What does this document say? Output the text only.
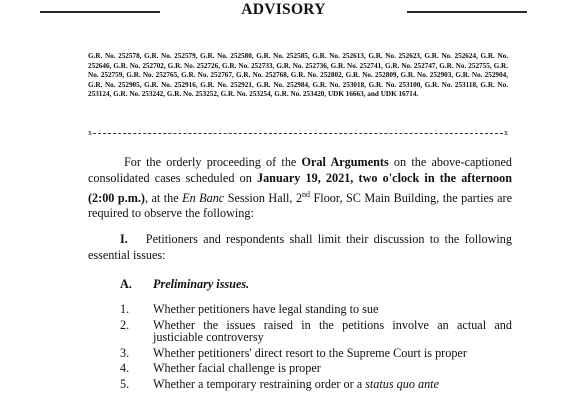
ADVISORY
G.R. No. 252578, G.R. No. 252579, G.R. No. 252580, G.R. No. 252585, G.R. No. 252613, G.R. No. 252623, G.R. No. 252624, G.R. No. 252646, G.R. No. 252702, G.R. No. 252726, G.R. No. 252733, G.R. No. 252736, G.R. No. 252741, G.R. No. 252747, G.R. No. 252755, G.R. No. 252759, G.R. No. 252765, G.R. No. 252767, G.R. No. 252768, G.R. No. 252802, G.R. No. 252809, G.R. No. 252903, G.R. No. 252904, G.R. No. 252905, G.R. No. 252916, G.R. No. 252921, G.R. No. 252984, G.R. No. 253018, G.R. No. 253100, G.R. No. 253118, G.R. No. 253124, G.R. No. 253242, G.R. No. 253252, G.R. No. 253254, G.R. No. 253420, UDK 16663, and UDK 16714.
x	x
For the orderly proceeding of the Oral Arguments on the above-captioned consolidated cases scheduled on January 19, 2021, two o'clock in the afternoon (2:00 p.m.), at the En Banc Session Hall, 2nd Floor, SC Main Building, the parties are required to observe the following:
I. Petitioners and respondents shall limit their discussion to the following essential issues:
A. Preliminary issues.
1.	Whether petitioners have legal standing to sue
2.	Whether the issues raised in the petitions involve an actual and justiciable controversy
3.	Whether petitioners' direct resort to the Supreme Court is proper
4.	Whether facial challenge is proper
5.	Whether a temporary restraining order or a status quo ante
